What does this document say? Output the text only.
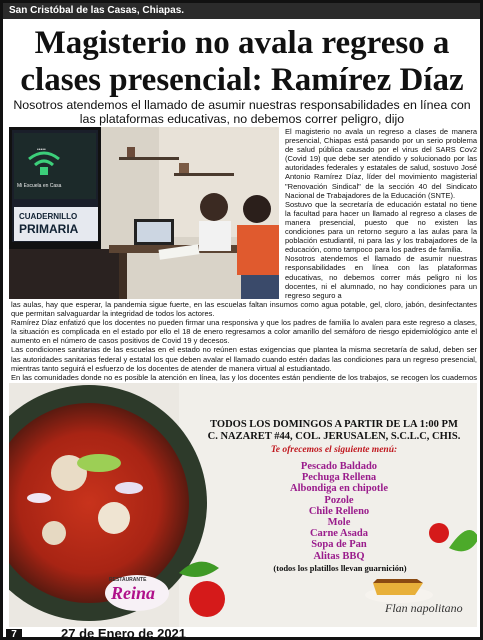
San Cristóbal de las Casas, Chiapas.
Magisterio no avala regreso a clases presencial: Ramírez Díaz
Nosotros atendemos el llamado de asumir nuestras responsabilidades en línea con las plataformas educativas, no debemos correr peligro, dijo
•••••
Mi Escuela en Casa
CUADERNILLO
PRIMARIA

El magisterio no avala un regreso a clases de manera presencial, Chiapas está pasando por un serio problema de salud pública causado por el virus del SARS Cov2 (Covid 19) que debe ser atendido y solucionado por las autoridades federales y estatales de salud, sostuvo José Antonio Ramírez Díaz, líder del movimiento magisterial "Renovación Sindical" de la sección 40 del Sindicato Nacional de Trabajadores de la Educación (SNTE).

Sostuvo que la secretaría de educación estatal no tiene la facultad para hacer un llamado al regreso a clases de manera presencial, puesto que no existen las condiciones para un retorno seguro a las aulas para la población estudiantil, ni para las y los trabajadores de la educación, como tampoco para los padres de familia.

Nosotros atendemos el llamado de asumir nuestras responsabilidades en línea con las plataformas educativas, no debemos correr más peligro ni los docentes, ni el alumnado, no hay condiciones para un regreso seguro a

las aulas, hay que esperar, la pandemia sigue fuerte, en las escuelas faltan insumos como agua potable, gel, cloro, jabón, desinfectantes que permitan salvaguardar la integridad de todos los actores.

Ramírez Díaz enfatizó que los docentes no pueden firmar una responsiva y que los padres de familia lo avalen para este regreso a clases, la situación es complicada en el estado por ello el 18 de enero regresamos a color amarillo del semáforo de riesgo epidemiológico ante el aumento en el número de casos positivos de Covid 19 y decesos.

Las condiciones sanitarias de las escuelas en el estado no reúnen estas exigencias que plantea la misma secretaría de salud, deben ser las autoridades sanitarias federal y estatal los que deben avalar el llamado cuando estén dadas las condiciones para un regreso presencial, mientras tanto seguirá el esfuerzo de los docentes de atender de manera virtual al estudiantado.

En las comunidades donde no es posible la atención en línea, las y los docentes están pendiente de los trabajos, se recogen los cuadernos

TODOS LOS DOMINGOS A PARTIR DE LA 1:00 PM
C. NAZARET #44, COL. JERUSALEN, S.C.L.C, CHIS.
Te ofrecemos el siguiente menú:
Pescado Baldado
Pechuga Rellena
Albondiga en chipotle
Pozole
Chile Relleno
Mole
Carne Asada
Sopa de Pan
Alitas BBQ
(todos los platillos llevan guarnición)
RESTAURANTE
Reina
Flan napolitano
7	27 de Enero de 2021
